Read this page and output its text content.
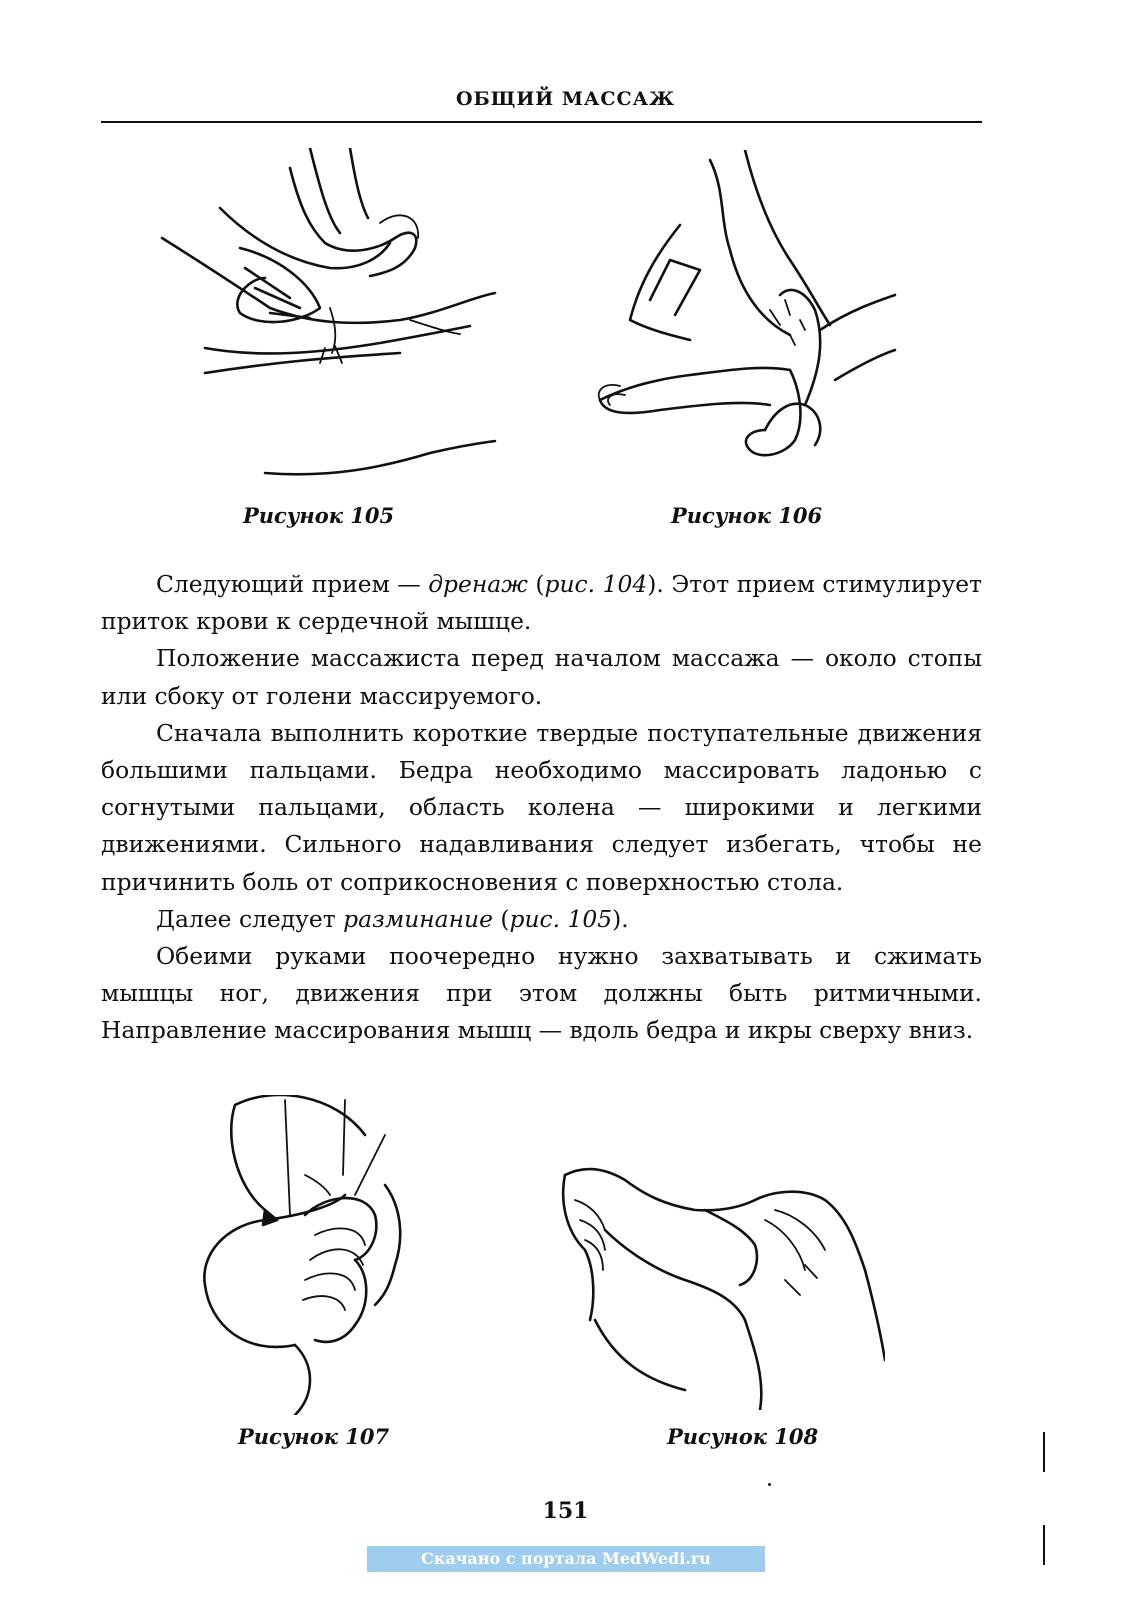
ОБЩИЙ МАССАЖ
Рисунок 105	Рисунок 106

Следующий прием — дренаж (рис. 104). Этот прием стимулирует приток крови к сердечной мышце.

Положение массажиста перед началом массажа — около стопы или сбоку от голени массируемого.

Сначала выполнить короткие твердые поступательные движения большими пальцами. Бедра необходимо массировать ладонью с согнутыми пальцами, область колена — широкими и легкими движениями. Сильного надавливания следует избегать, чтобы не причинить боль от соприкосновения с поверхностью стола.

Далее следует разминание (рис. 105).

Обеими руками поочередно нужно захватывать и сжимать мышцы ног, движения при этом должны быть ритмичными. Направление массирования мышц — вдоль бедра и икры сверху вниз.

Рисунок 107	Рисунок 108
151
Скачано с портала MedWedi.ru
